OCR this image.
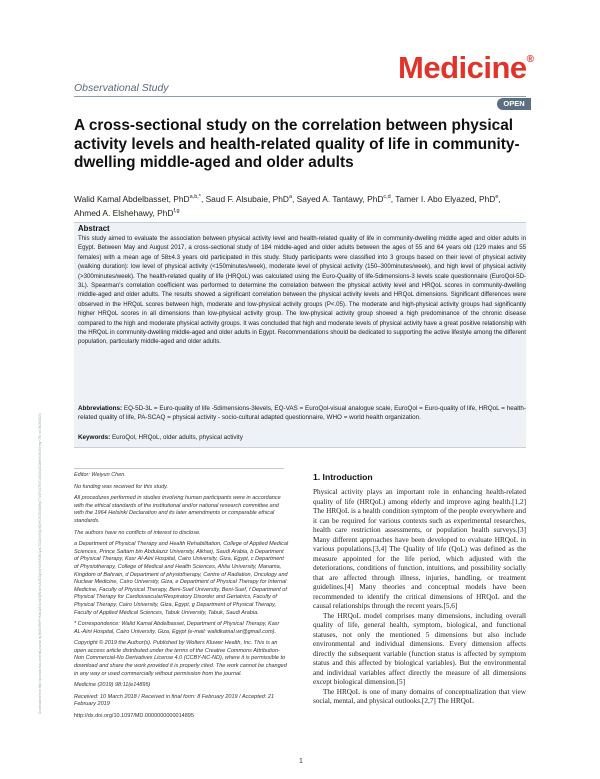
Observational Study
Medicine®
OPEN
A cross-sectional study on the correlation between physical activity levels and health-related quality of life in community-dwelling middle-aged and older adults
Walid Kamal Abdelbasset, PhD$^{a,b,*}$, Saud F. Alsubaie, PhD$^a$, Sayed A. Tantawy, PhD$^{c,d}$, Tamer I. Abo Elyazed, PhD$^e$, Ahmed A. Elshehawy, PhD$^{f,g}$
Abstract
This study aimed to evaluate the association between physical activity level and health-related quality of life in community-dwelling middle aged and older adults in Egypt. Between May and August 2017, a cross-sectional study of 184 middle-aged and older adults between the ages of 55 and 64 years old (129 males and 55 females) with a mean age of 58±4.3 years old participated in this study. Study participants were classified into 3 groups based on their level of physical activity (walking duration): low level of physical activity (<150minutes/week), moderate level of physical activity (150–300minutes/week), and high level of physical activity (>300minutes/week). The health-related quality of life (HRQoL) was calculated using the Euro-Quality of life-5dimensions-3 levels scale questionnaire (EuroQol-5D-3L). Spearman's correlation coefficient was performed to determine the correlation between the physical activity level and HRQoL scores in community-dwelling middle-aged and older adults. The results showed a significant correlation between the physical activity levels and HRQoL dimensions. Significant differences were observed in the HRQoL scores between high, moderate and low-physical activity groups (P<.05). The moderate and high-physical activity groups had significantly higher HRQoL scores in all dimensions than low-physical activity group. The low-physical activity group showed a high predominance of the chronic disease compared to the high and moderate physical activity groups. It was concluded that high and moderate levels of physical activity have a great positive relationship with the HRQoL in community-dwelling middle-aged and older adults in Egypt. Recommendations should be dedicated to supporting the active lifestyle among the different population, particularly middle-aged and older adults.
Abbreviations: EQ-5D-3L = Euro-quality of life -5dimensions-3levels, EQ-VAS = EuroQol-visual analogue scale, EuroQol = Euro-quality of life, HRQoL = health-related quality of life, PA-SCAQ = physical activity - socio-cultural adapted questionnaire, WHO = world health organization.
Keywords: EuroQol, HRQoL, older adults, physical activity
Downloaded from http://journals.lww.com/md-journal by BhDMf5ePHKav1zEoum1tQfN4a+kJLhEZgbsIHo4XMi0hCywCX1AWnYQp/IlQrHD3i3D0OdRyi7TvSFl4Cf3VC4/OAVpDDa8KKGKV0Ymy+78= on 06/26/2024	Editor: Weiyun Chen.

No funding was received for this study.

All procedures performed in studies involving human participants were in accordance with the ethical standards of the institutional and/or national research committee and with the 1964 Helsinki Declaration and its later amendments or comparable ethical standards.

The authors have no conflicts of interest to disclose.

a Department of Physical Therapy and Health Rehabilitation, College of Applied Medical Sciences, Prince Sattam bin Abdulaziz University, Alkharj, Saudi Arabia, b Department of Physical Therapy, Kasr Al-Aini Hospital, Cairo University, Giza, Egypt, c Department of Physiotherapy, College of Medical and Health Sciences, Ahlia University, Manama, Kingdom of Bahrain, d Department of physiotherapy, Centre of Radiation, Oncology and Nuclear Medicine, Cairo University, Giza, e Department of Physical Therapy for Internal Medicine, Faculty of Physical Therapy, Beni-Suef University, Beni-Suef, f Department of Physical Therapy for Cardiovascular/Respiratory Disorder and Geriatrics, Faculty of Physical Therapy, Cairo University, Giza, Egypt, g Department of Physical Therapy, Faculty of Applied Medical Sciences, Tabuk University, Tabuk, Saudi Arabia.

* Correspondence: Walid Kamal Abdelbasset, Department of Physical Therapy, Kasr AL-Aini Hospital, Cairo University, Giza, Egypt (e-mail: walidkamal.wr@gmail.com).

Copyright © 2019 the Author(s). Published by Wolters Kluwer Health, Inc. This is an open access article distributed under the terms of the Creative Commons Attribution-Non Commercial-No Derivatives License 4.0 (CCBY-NC-ND), where it is permissible to download and share the work provided it is properly cited. The work cannot be changed in any way or used commercially without permission from the journal.

Medicine (2019) 98:11(e14895)

Received: 10 March 2018 / Received in final form: 8 February 2019 / Accepted: 21 February 2019

http://dx.doi.org/10.1097/MD.0000000000014895

1. Introduction

Physical activity plays an important role in enhancing health-related quality of life (HRQoL) among elderly and improve aging health.[1,2] The HRQoL is a health condition symptom of the people everywhere and it can be required for various contexts such as experimental researches, health care restriction assessments, or population health surveys.[3] Many different approaches have been developed to evaluate HRQoL in various populations.[3,4] The Quality of life (QoL) was defined as the measure appointed for the life period, which adjusted with the deteriorations, conditions of function, intuitions, and possibility socially that are affected through illness, injuries, handling, or treatment guidelines.[4] Many theories and conceptual models have been recommended to identify the critical dimensions of HRQoL and the causal relationships through the recent years.[5,6]

The HRQoL model comprises many dimensions, including overall quality of life, general health, symptom, biological, and functional statuses, not only the mentioned 5 dimensions but also include environmental and individual dimensions. Every dimension affects directly the subsequent variable (function status is affected by symptom status and this affected by biological variables). But the environmental and individual variables affect directly the measure of all dimensions except biological dimension.[5]

The HRQoL is one of many domains of conceptualization that view social, mental, and physical outlooks.[2,7] The HRQoL

1
